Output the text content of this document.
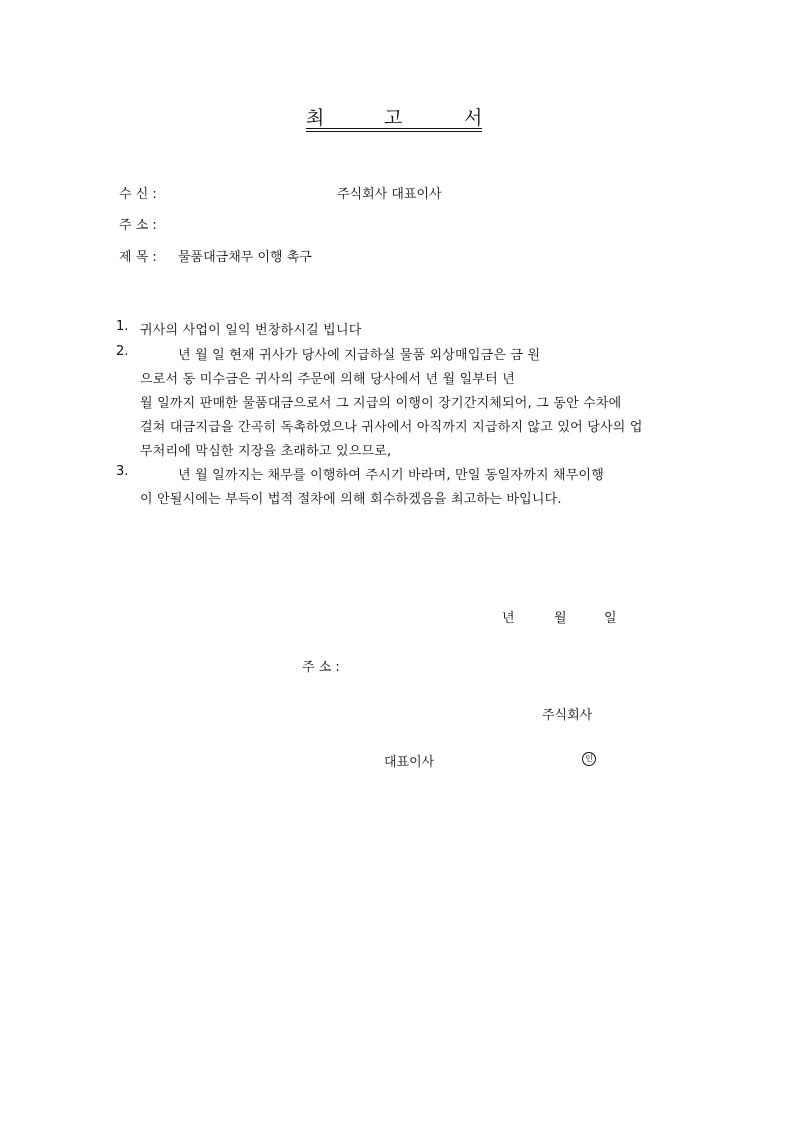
최	고	서
수 신 :	주식회사 대표이사
주 소 :
제 목 : 물품대금채무 이행 촉구
1. 귀사의 사업이 일익 번창하시길 빕니다
2.	년 월 일 현재 귀사가 당사에 지급하실 물품 외상매입금은 금 원
으로서 동 미수금은 귀사의 주문에 의해 당사에서 년 월 일부터 년
월 일까지 판매한 물품대금으로서 그 지급의 이행이 장기간지체되어, 그 동안 수차에
걸쳐 대금지급을 간곡히 독촉하였으나 귀사에서 아직까지 지급하지 않고 있어 당사의 업
무처리에 막심한 지장을 초래하고 있으므로,
3.	년 월 일까지는 채무를 이행하여 주시기 바라며, 만일 동일자까지 채무이행
이 안될시에는 부득이 법적 절차에 의해 회수하겠음을 최고하는 바입니다.
년	월	일
주 소 :
주식회사
대표이사	인
